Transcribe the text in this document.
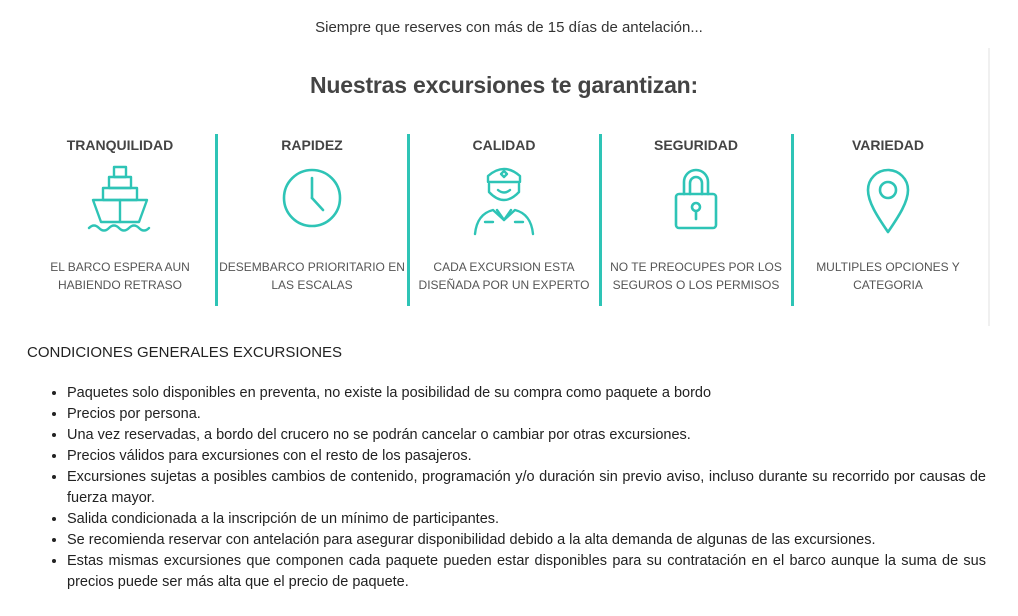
Siempre que reserves con más de 15 días de antelación...
Nuestras excursiones te garantizan:
TRANQUILIDAD
EL BARCO ESPERA AUN HABIENDO RETRASO
RAPIDEZ
DESEMBARCO PRIORITARIO EN LAS ESCALAS
CALIDAD
CADA EXCURSION ESTA DISEÑADA POR UN EXPERTO
SEGURIDAD
NO TE PREOCUPES POR LOS SEGUROS O LOS PERMISOS
VARIEDAD
MULTIPLES OPCIONES Y CATEGORIA
CONDICIONES GENERALES EXCURSIONES
• Paquetes solo disponibles en preventa, no existe la posibilidad de su compra como paquete a bordo
• Precios por persona.
• Una vez reservadas, a bordo del crucero no se podrán cancelar o cambiar por otras excursiones.
• Precios válidos para excursiones con el resto de los pasajeros.
• Excursiones sujetas a posibles cambios de contenido, programación y/o duración sin previo aviso, incluso durante su recorrido por causas de fuerza mayor.
• Salida condicionada a la inscripción de un mínimo de participantes.
• Se recomienda reservar con antelación para asegurar disponibilidad debido a la alta demanda de algunas de las excursiones.
• Estas mismas excursiones que componen cada paquete pueden estar disponibles para su contratación en el barco aunque la suma de sus precios puede ser más alta que el precio de paquete.
